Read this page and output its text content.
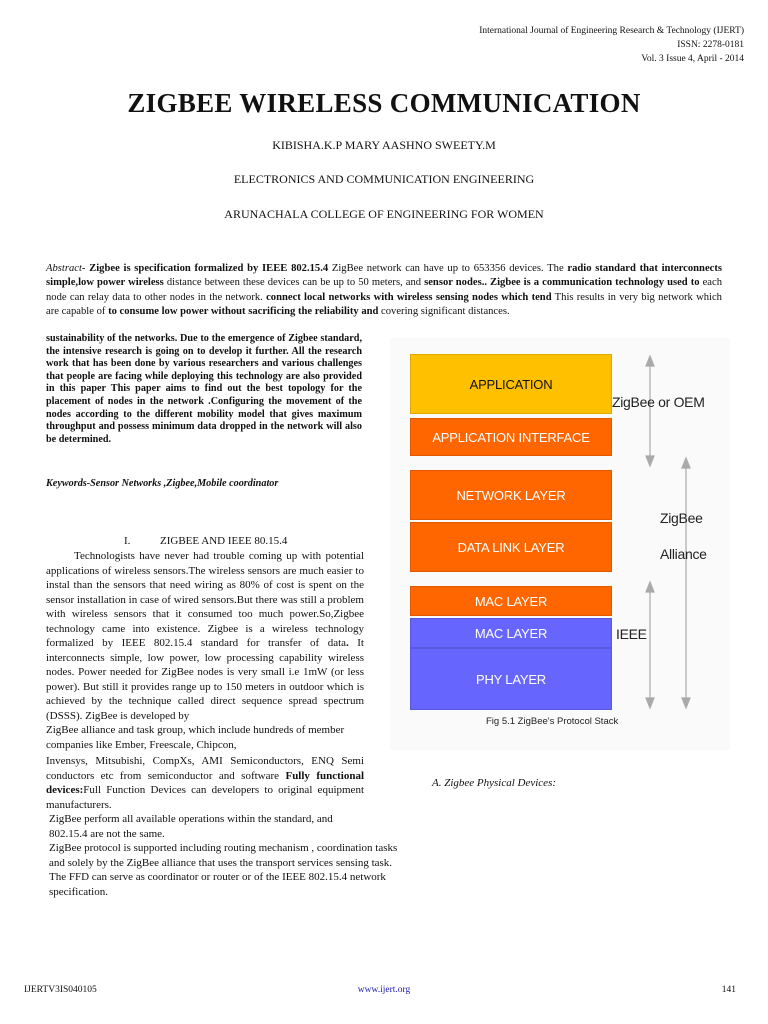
International Journal of Engineering Research & Technology (IJERT)
ISSN: 2278-0181
Vol. 3 Issue 4, April - 2014
ZIGBEE WIRELESS COMMUNICATION
KIBISHA.K.P MARY AASHNO SWEETY.M
ELECTRONICS AND COMMUNICATION ENGINEERING
ARUNACHALA COLLEGE OF ENGINEERING FOR WOMEN
Abstract- Zigbee is specification formalized by IEEE 802.15.4 ZigBee network can have up to 653356 devices. The radio standard that interconnects simple,low power wireless distance between these devices can be up to 50 meters, and sensor nodes.. Zigbee is a communication technology used to each node can relay data to other nodes in the network. connect local networks with wireless sensing nodes which tend This results in very big network which are capable of to consume low power without sacrificing the reliability and covering significant distances.
sustainability of the networks. Due to the emergence of Zigbee standard, the intensive research is going on to develop it further. All the research work that has been done by various researchers and various challenges that people are facing while deploying this technology are also provided in this paper This paper aims to find out the best topology for the placement of nodes in the network .Configuring the movement of the nodes according to the different mobility model that gives maximum throughput and possess minimum data dropped in the network will also be determined.
Keywords-Sensor Networks ,Zigbee,Mobile coordinator
I.	ZIGBEE AND IEEE 80.15.4

Technologists have never had trouble coming up with potential applications of wireless sensors.The wireless sensors are much easier to instal than the sensors that need wiring as 80% of cost is spent on the sensor installation in case of wired sensors.But there was still a problem with wireless sensors that it consumed too much power.So,Zigbee technology came into existence. Zigbee is a wireless technology formalized by IEEE 802.15.4 standard for transfer of data. It interconnects simple, low power, low processing capability wireless nodes. Power needed for ZigBee nodes is very small i.e 1mW (or less power). But still it provides range up to 150 meters in outdoor which is achieved by the technique called direct sequence spread spectrum (DSSS). ZigBee is developed by

ZigBee alliance and task group, which include hundreds of member companies like Ember, Freescale, Chipcon,

Invensys, Mitsubishi, CompXs, AMI Semiconductors, ENQ Semi conductors etc from semiconductor and software Fully functional devices:Full Function Devices can developers to original equipment manufacturers.

ZigBee perform all available operations within the standard, and 802.15.4 are not the same.

ZigBee protocol is supported including routing mechanism , coordination tasks and solely by the ZigBee alliance that uses the transport services sensing task. The FFD can serve as coordinator or router or of the IEEE 802.15.4 network specification.

APPLICATION
APPLICATION INTERFACE
NETWORK LAYER
DATA LINK LAYER
MAC LAYER
MAC LAYER
PHY LAYER
ZigBee or OEM
ZigBee
Alliance
IEEE
Fig 5.1 ZigBee's Protocol Stack
A. Zigbee Physical Devices:
IJERTV3IS040105	www.ijert.org	141
